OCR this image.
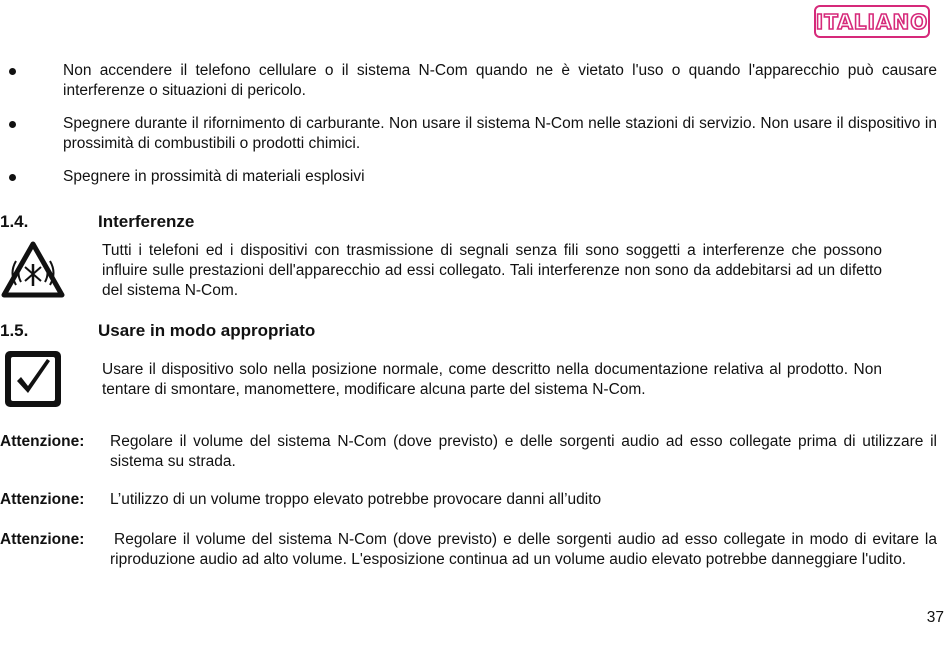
ITALIANO
Non accendere il telefono cellulare o il sistema N-Com quando ne è vietato l'uso o quando l'apparecchio può causare interferenze o situazioni di pericolo.
Spegnere durante il rifornimento di carburante. Non usare il sistema N-Com nelle stazioni di servizio. Non usare il dispositivo in prossimità di combustibili o prodotti chimici.
Spegnere in prossimità di materiali esplosivi
1.4.	Interferenze
Tutti i telefoni ed i dispositivi con trasmissione di segnali senza fili sono soggetti a interferenze che possono influire sulle prestazioni dell'apparecchio ad essi collegato. Tali interferenze non sono da addebitarsi ad un difetto del sistema N-Com.
1.5.	Usare in modo appropriato
Usare il dispositivo solo nella posizione normale, come descritto nella documentazione relativa al prodotto. Non tentare di smontare, manomettere, modificare alcuna parte del sistema N-Com.
Attenzione: Regolare il volume del sistema N-Com (dove previsto) e delle sorgenti audio ad esso collegate prima di utilizzare il sistema su strada.
Attenzione: L’utilizzo di un volume troppo elevato potrebbe provocare danni all’udito
Attenzione: Regolare il volume del sistema N-Com (dove previsto) e delle sorgenti audio ad esso collegate in modo di evitare la riproduzione audio ad alto volume. L'esposizione continua ad un volume audio elevato potrebbe danneggiare l'udito.
37
